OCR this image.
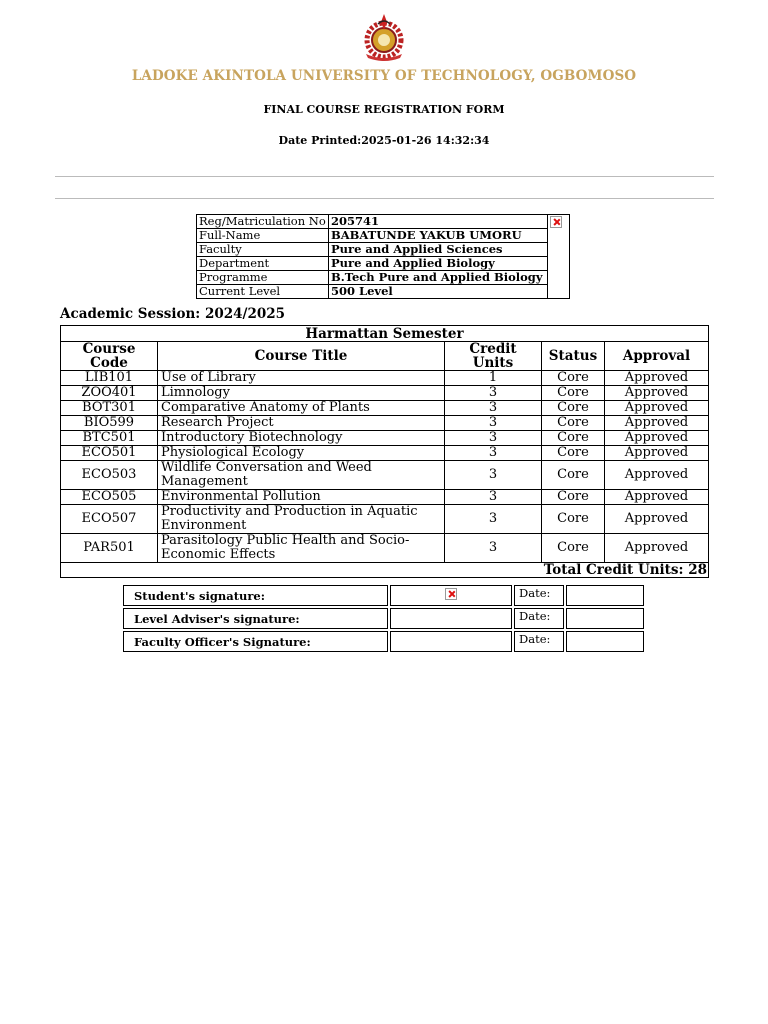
LADOKE AKINTOLA UNIVERSITY OF TECHNOLOGY, OGBOMOSO
FINAL COURSE REGISTRATION FORM
Date Printed:2025-01-26 14:32:34
Reg/Matriculation No	205741	
Full-Name	BABATUNDE YAKUB UMORU	
Faculty	Pure and Applied Sciences	
Department	Pure and Applied Biology	
Programme	B.Tech Pure and Applied Biology	
Current Level	500 Level	
Academic Session: 2024/2025
Harmattan Semester				
Course Code	Course Title	Credit Units	Status	Approval
LIB101	Use of Library	1	Core	Approved
ZOO401	Limnology	3	Core	Approved
BOT301	Comparative Anatomy of Plants	3	Core	Approved
BIO599	Research Project	3	Core	Approved
BTC501	Introductory Biotechnology	3	Core	Approved
ECO501	Physiological Ecology	3	Core	Approved
ECO503	Wildlife Conversation and Weed Management	3	Core	Approved
ECO505	Environmental Pollution	3	Core	Approved
ECO507	Productivity and Production in Aquatic Environment	3	Core	Approved
PAR501	Parasitology Public Health and Socio-Economic Effects	3	Core	Approved
Total Credit Units: 28				
Student's signature:		Date:	
Level Adviser's signature:		Date:	
Faculty Officer's Signature:		Date:	
